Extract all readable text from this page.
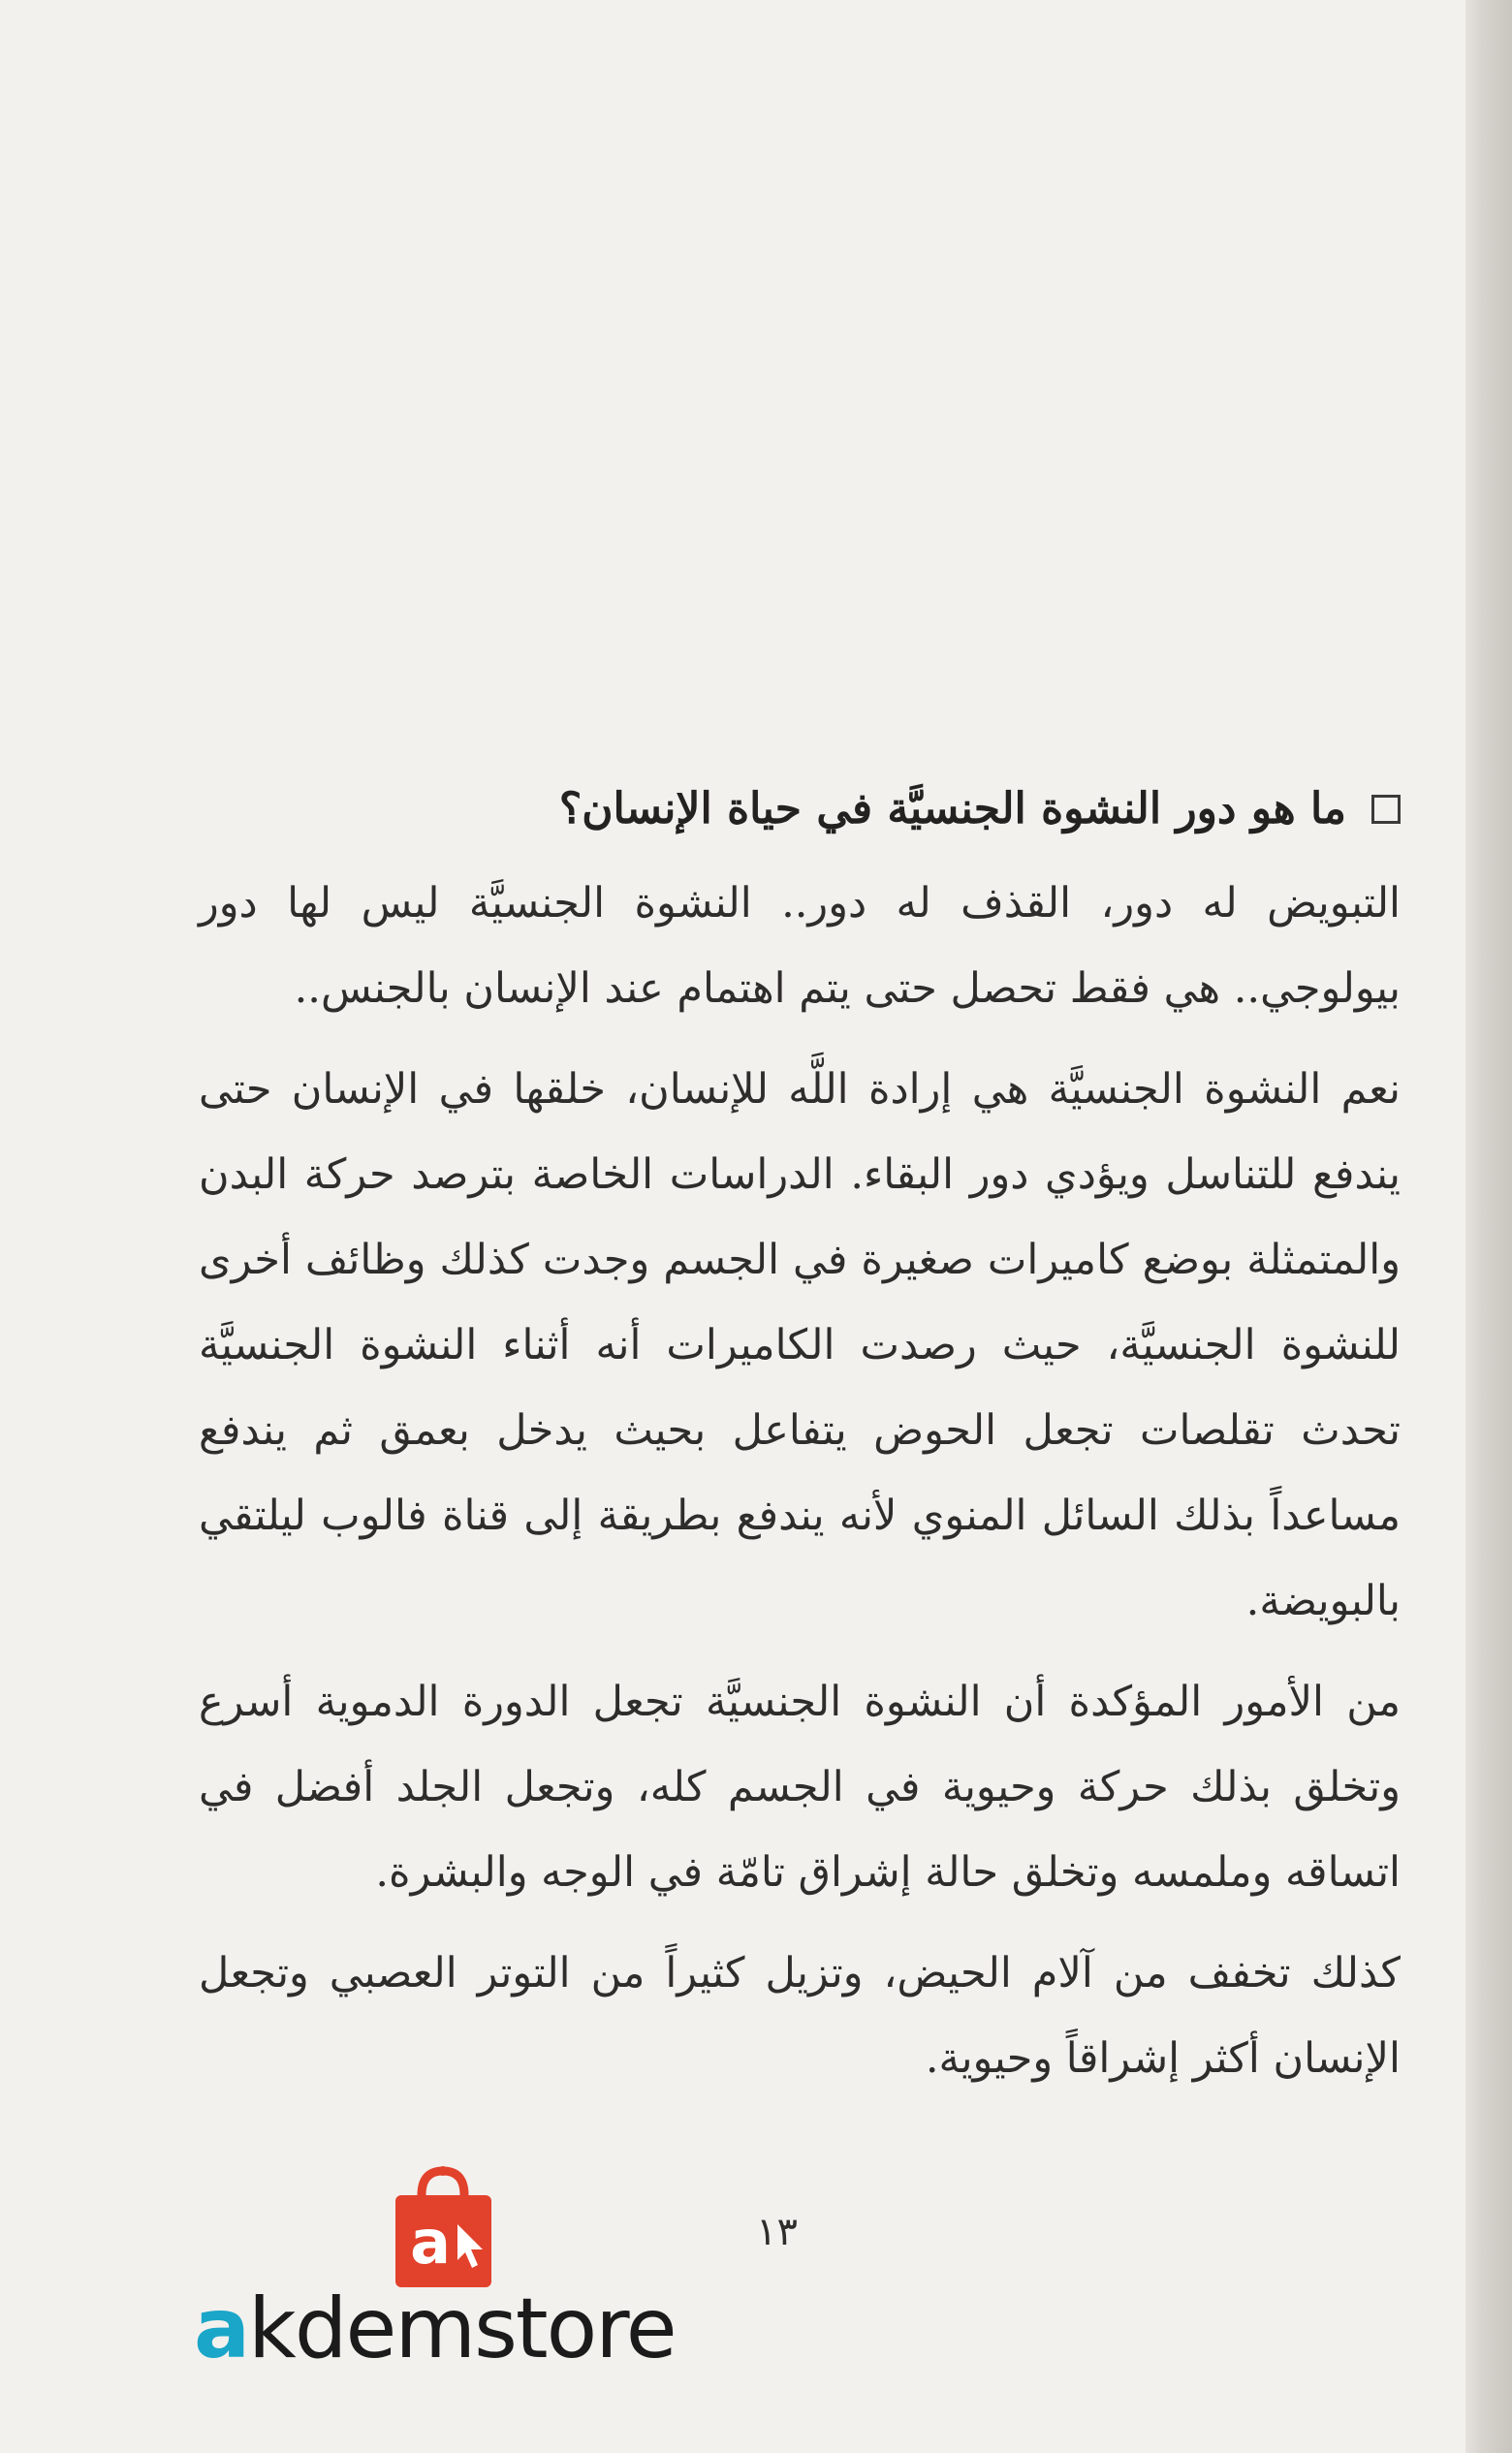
ما هو دور النشوة الجنسيَّة في حياة الإنسان؟

التبويض له دور، القذف له دور.. النشوة الجنسيَّة ليس لها دور بيولوجي.. هي فقط تحصل حتى يتم اهتمام عند الإنسان بالجنس..

نعم النشوة الجنسيَّة هي إرادة اللَّه للإنسان، خلقها في الإنسان حتى يندفع للتناسل ويؤدي دور البقاء. الدراسات الخاصة بترصد حركة البدن والمتمثلة بوضع كاميرات صغيرة في الجسم وجدت كذلك وظائف أخرى للنشوة الجنسيَّة، حيث رصدت الكاميرات أنه أثناء النشوة الجنسيَّة تحدث تقلصات تجعل الحوض يتفاعل بحيث يدخل بعمق ثم يندفع مساعداً بذلك السائل المنوي لأنه يندفع بطريقة إلى قناة فالوب ليلتقي بالبويضة.

من الأمور المؤكدة أن النشوة الجنسيَّة تجعل الدورة الدموية أسرع وتخلق بذلك حركة وحيوية في الجسم كله، وتجعل الجلد أفضل في اتساقه وملمسه وتخلق حالة إشراق تامّة في الوجه والبشرة.

كذلك تخفف من آلام الحيض، وتزيل كثيراً من التوتر العصبي وتجعل الإنسان أكثر إشراقاً وحيوية.

١٣
a
akdemstore
